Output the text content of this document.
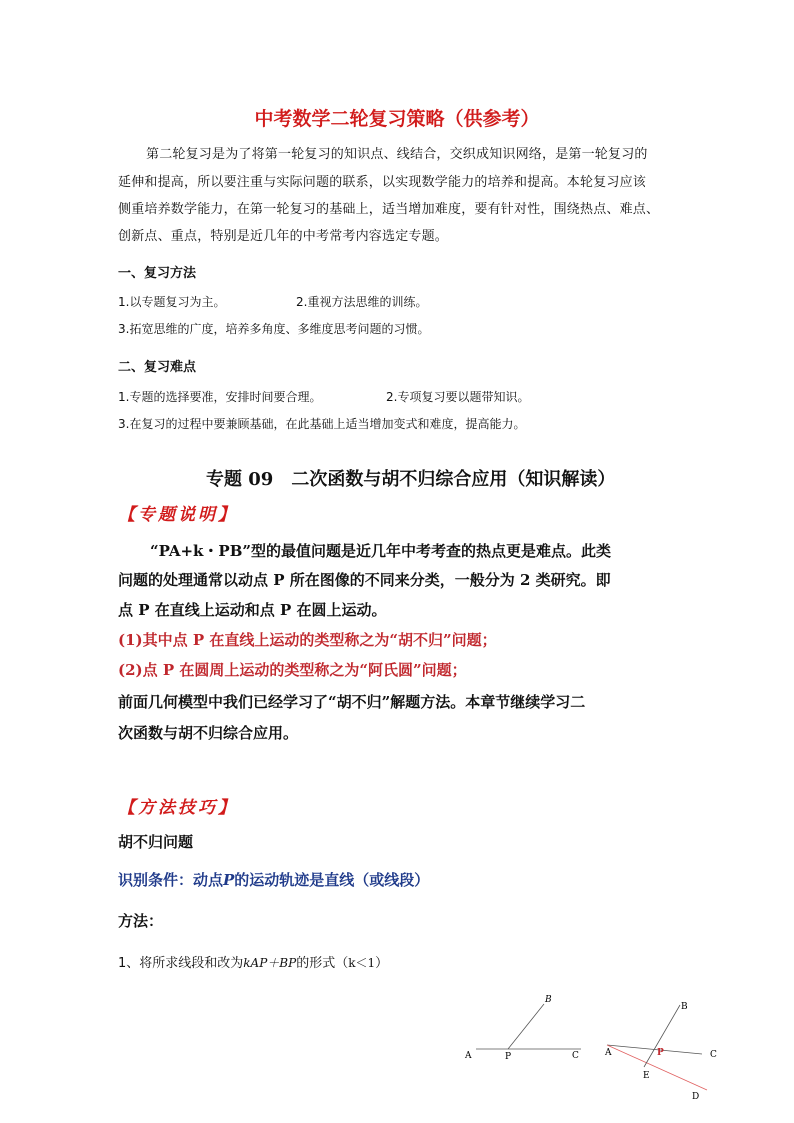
中考数学二轮复习策略（供参考）
第二轮复习是为了将第一轮复习的知识点、线结合，交织成知识网络，是第一轮复习的
延伸和提高，所以要注重与实际问题的联系，以实现数学能力的培养和提高。本轮复习应该
侧重培养数学能力，在第一轮复习的基础上，适当增加难度，要有针对性，围绕热点、难点、
创新点、重点，特别是近几年的中考常考内容选定专题。
一、复习方法
1.以专题复习为主。	2.重视方法思维的训练。
3.拓宽思维的广度，培养多角度、多维度思考问题的习惯。
二、复习难点
1.专题的选择要准，安排时间要合理。	2.专项复习要以题带知识。
3.在复习的过程中要兼顾基础，在此基础上适当增加变式和难度，提高能力。
专题 09　二次函数与胡不归综合应用（知识解读）
【专题说明】
“PA+k・PB”型的最值问题是近几年中考考查的热点更是难点。此类
问题的处理通常以动点 P 所在图像的不同来分类，一般分为 2 类研究。即
点 P 在直线上运动和点 P 在圆上运动。
(1)其中点 P 在直线上运动的类型称之为“胡不归”问题；
(2)点 P 在圆周上运动的类型称之为“阿氏圆”问题；
前面几何模型中我们已经学习了“胡不归”解题方法。本章节继续学习二
次函数与胡不归综合应用。
【方法技巧】
胡不归问题
识别条件：动点P的运动轨迹是直线（或线段）
方法：
1、将所求线段和改为kAP＋BP的形式（k＜1）
A
B
C
P	A
B
C
P
E
D
